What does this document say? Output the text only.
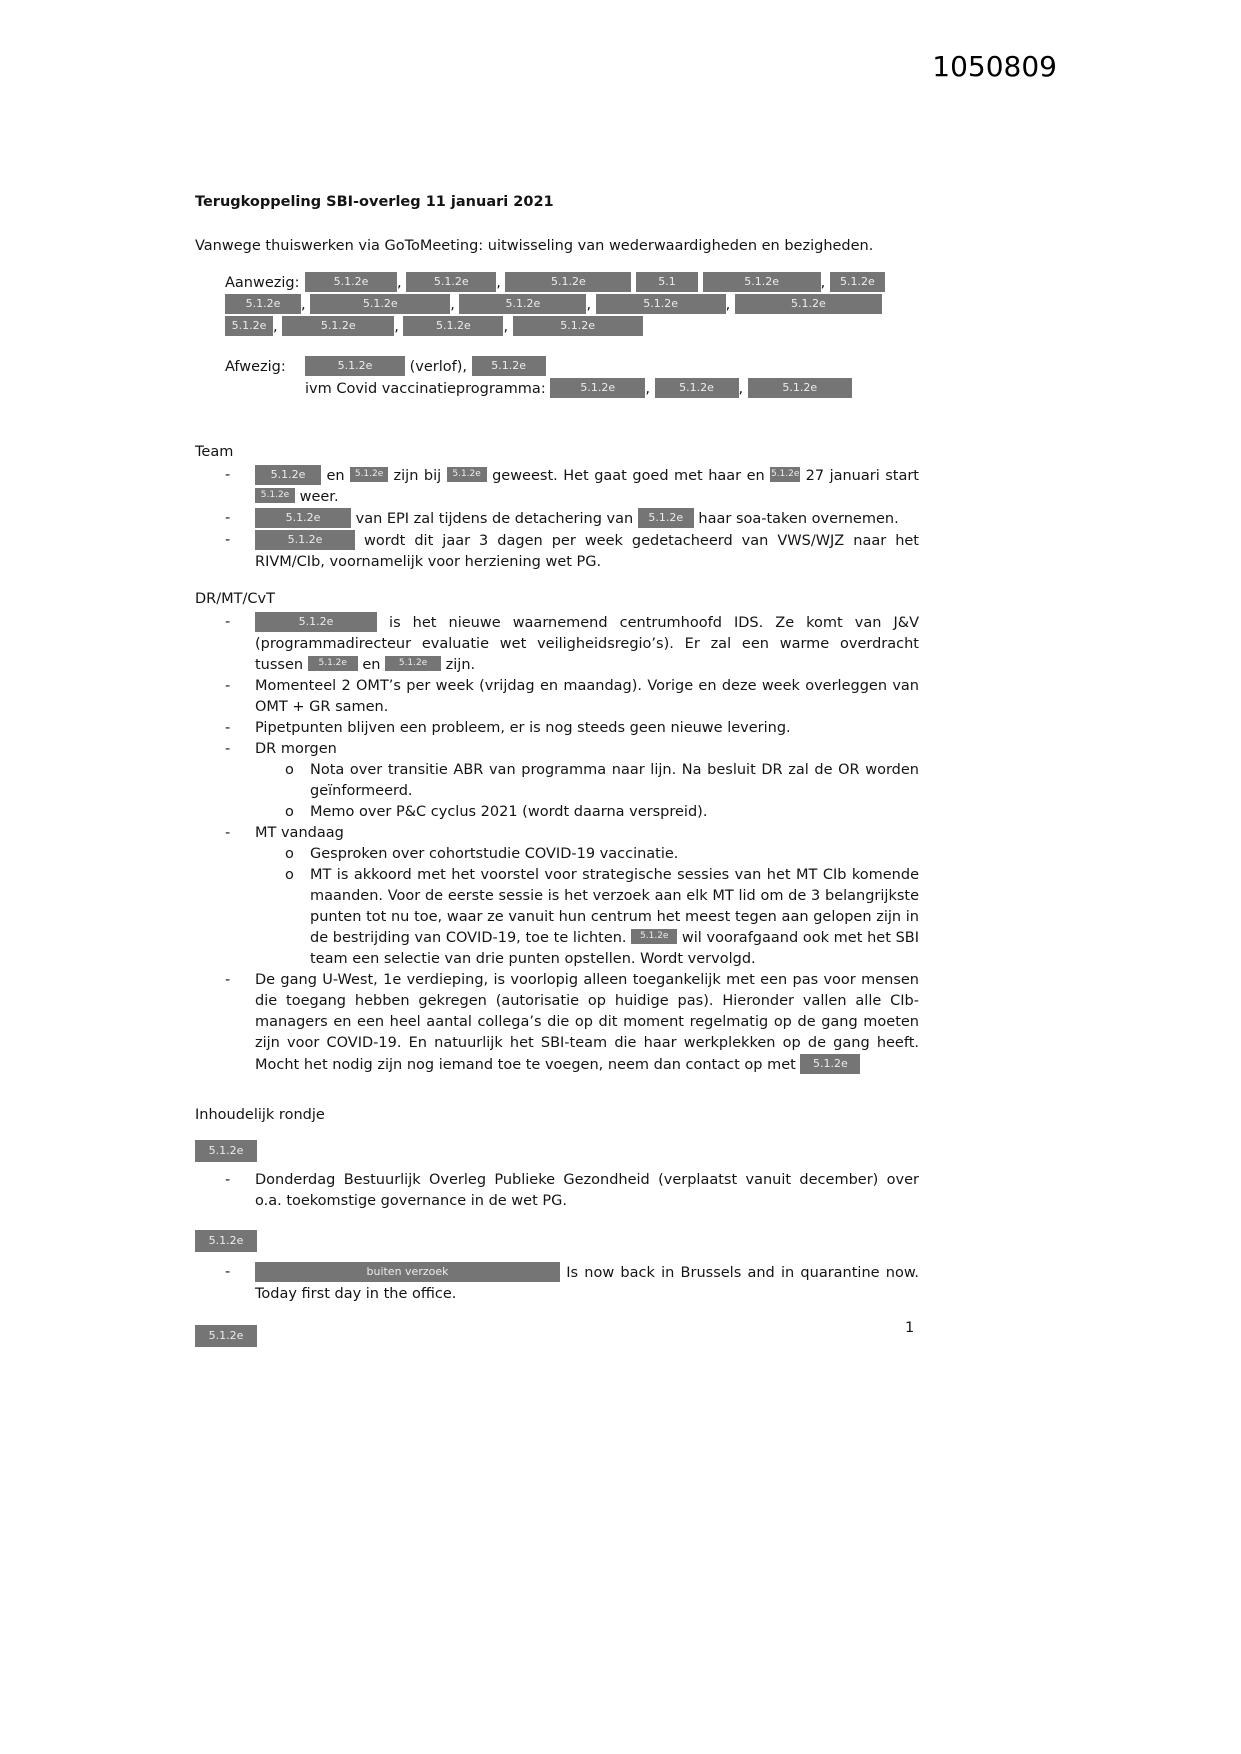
1050809
Terugkoppeling SBI-overleg 11 januari 2021

Vanwege thuiswerken via GoToMeeting: uitwisseling van wederwaardigheden en bezigheden.

Aanwezig:	5.1.2e ,	5.1.2e ,	5.1.2e	5.1	5.1.2e	, 5.1.2e
5.1.2e ,	5.1.2e	,	5.1.2e	,	5.1.2e	,	5.1.2e
5.1.2e ,	5.1.2e	,	5.1.2e ,	5.1.2e
Afwezig:	5.1.2e (verlof), 5.1.2e
ivm Covid vaccinatieprogramma:	5.1.2e , 5.1.2e ,	5.1.2e
Team
-	5.1.2e en 5.1.2e zijn bij 5.1.2e geweest. Het gaat goed met haar en 5.1.2e 27 januari start 5.1.2e weer.
-	5.1.2e van EPI zal tijdens de detachering van 5.1.2e haar soa-taken overnemen.
-	5.1.2e wordt dit jaar 3 dagen per week gedetacheerd van VWS/WJZ naar het RIVM/CIb, voornamelijk voor herziening wet PG.
DR/MT/CvT
-	5.1.2e	is het nieuwe waarnemend centrumhoofd IDS. Ze komt van J&V (programmadirecteur evaluatie wet veiligheidsregio’s). Er zal een warme overdracht tussen 5.1.2e en 5.1.2e zijn.
-	Momenteel 2 OMT’s per week (vrijdag en maandag). Vorige en deze week overleggen van OMT + GR samen.
-	Pipetpunten blijven een probleem, er is nog steeds geen nieuwe levering.
-	DR morgen
o	Nota over transitie ABR van programma naar lijn. Na besluit DR zal de OR worden geïnformeerd.
o	Memo over P&C cyclus 2021 (wordt daarna verspreid).
-	MT vandaag
o	Gesproken over cohortstudie COVID-19 vaccinatie.
o	MT is akkoord met het voorstel voor strategische sessies van het MT CIb komende maanden. Voor de eerste sessie is het verzoek aan elk MT lid om de 3 belangrijkste punten tot nu toe, waar ze vanuit hun centrum het meest tegen aan gelopen zijn in de bestrijding van COVID-19, toe te lichten. 5.1.2e wil voorafgaand ook met het SBI team een selectie van drie punten opstellen. Wordt vervolgd.
-	De gang U-West, 1e verdieping, is voorlopig alleen toegankelijk met een pas voor mensen die toegang hebben gekregen (autorisatie op huidige pas). Hieronder vallen alle CIb-managers en een heel aantal collega’s die op dit moment regelmatig op de gang moeten zijn voor COVID-19. En natuurlijk het SBI-team die haar werkplekken op de gang heeft. Mocht het nodig zijn nog iemand toe te voegen, neem dan contact op met 5.1.2e
Inhoudelijk rondje
5.1.2e
-	Donderdag Bestuurlijk Overleg Publieke Gezondheid (verplaatst vanuit december) over o.a. toekomstige governance in de wet PG.
5.1.2e
-	buiten verzoek	Is now back in Brussels and in quarantine now. Today first day in the office.
5.1.2e	1
